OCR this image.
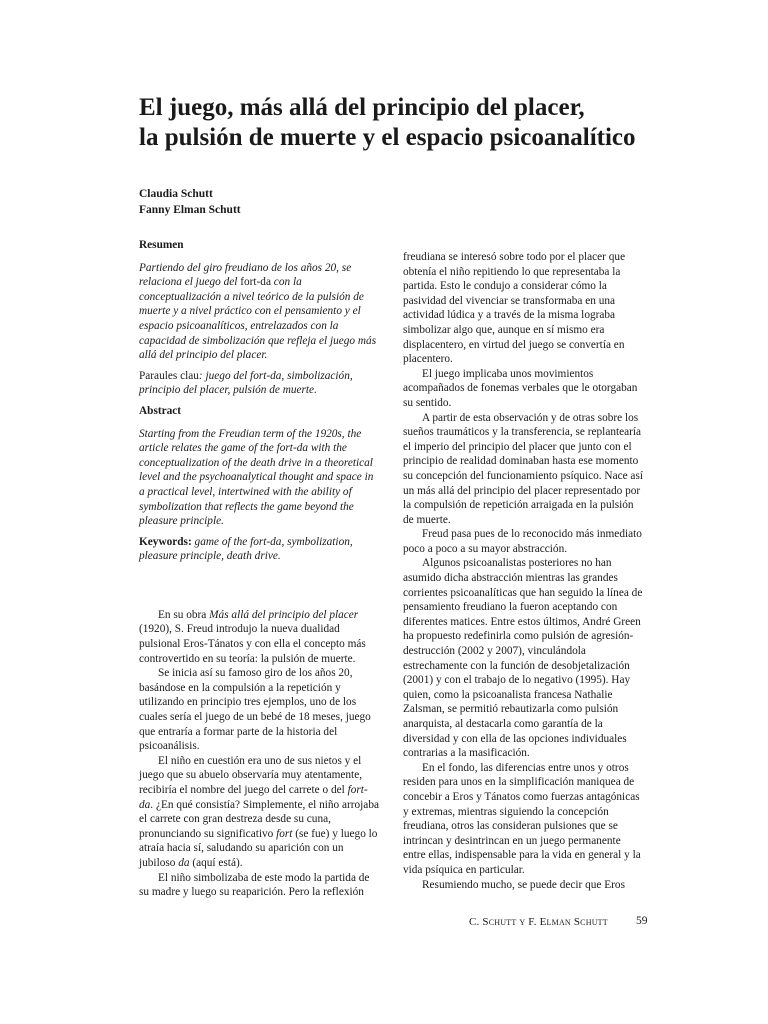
El juego, más allá del principio del placer,
la pulsión de muerte y el espacio psicoanalítico
Claudia Schutt
Fanny Elman Schutt

Resumen

Partiendo del giro freudiano de los años 20, se relaciona el juego del fort-da con la conceptualización a nivel teórico de la pulsión de muerte y a nivel práctico con el pensamiento y el espacio psicoanalíticos, entrelazados con la capacidad de simbolización que refleja el juego más allá del principio del placer.

Paraules clau: juego del fort-da, simbolización, principio del placer, pulsión de muerte.

Abstract

Starting from the Freudian term of the 1920s, the article relates the game of the fort-da with the conceptualization of the death drive in a theoretical level and the psychoanalytical thought and space in a practical level, intertwined with the ability of symbolization that reflects the game beyond the pleasure principle.

Keywords: game of the fort-da, symbolization, pleasure principle, death drive.

En su obra Más allá del principio del placer (1920), S. Freud introdujo la nueva dualidad pulsional Eros-Tánatos y con ella el concepto más controvertido en su teoría: la pulsión de muerte.

Se inicia así su famoso giro de los años 20, basándose en la compulsión a la repetición y utilizando en principio tres ejemplos, uno de los cuales sería el juego de un bebé de 18 meses, juego que entraría a formar parte de la historia del psicoanálisis.

El niño en cuestión era uno de sus nietos y el juego que su abuelo observaría muy atentamente, recibiría el nombre del juego del carrete o del fort-da. ¿En qué consistía? Simplemente, el niño arrojaba el carrete con gran destreza desde su cuna, pronunciando su significativo fort (se fue) y luego lo atraía hacia sí, saludando su aparición con un jubiloso da (aquí está).

El niño simbolizaba de este modo la partida de su madre y luego su reaparición. Pero la reflexión

freudiana se interesó sobre todo por el placer que obtenía el niño repitiendo lo que representaba la partida. Esto le condujo a considerar cómo la pasividad del vivenciar se transformaba en una actividad lúdica y a través de la misma lograba simbolizar algo que, aunque en sí mismo era displacentero, en virtud del juego se convertía en placentero.

El juego implicaba unos movimientos acompañados de fonemas verbales que le otorgaban su sentido.

A partir de esta observación y de otras sobre los sueños traumáticos y la transferencia, se replantearía el imperio del principio del placer que junto con el principio de realidad dominaban hasta ese momento su concepción del funcionamiento psíquico. Nace así un más allá del principio del placer representado por la compulsión de repetición arraigada en la pulsión de muerte.

Freud pasa pues de lo reconocido más inmediato poco a poco a su mayor abstracción.

Algunos psicoanalistas posteriores no han asumido dicha abstracción mientras las grandes corrientes psicoanalíticas que han seguido la línea de pensamiento freudiano la fueron aceptando con diferentes matices. Entre estos últimos, André Green ha propuesto redefinirla como pulsión de agresión-destrucción (2002 y 2007), vinculándola estrechamente con la función de desobjetalización (2001) y con el trabajo de lo negativo (1995). Hay quien, como la psicoanalista francesa Nathalie Zalsman, se permitió rebautizarla como pulsión anarquista, al destacarla como garantía de la diversidad y con ella de las opciones individuales contrarias a la masificación.

En el fondo, las diferencias entre unos y otros residen para unos en la simplificación maniquea de concebir a Eros y Tánatos como fuerzas antagónicas y extremas, mientras siguiendo la concepción freudiana, otros las consideran pulsiones que se intrincan y desintrincan en un juego permanente entre ellas, indispensable para la vida en general y la vida psíquica en particular.

Resumiendo mucho, se puede decir que Eros

C. Schutt y F. Elman Schutt 59
